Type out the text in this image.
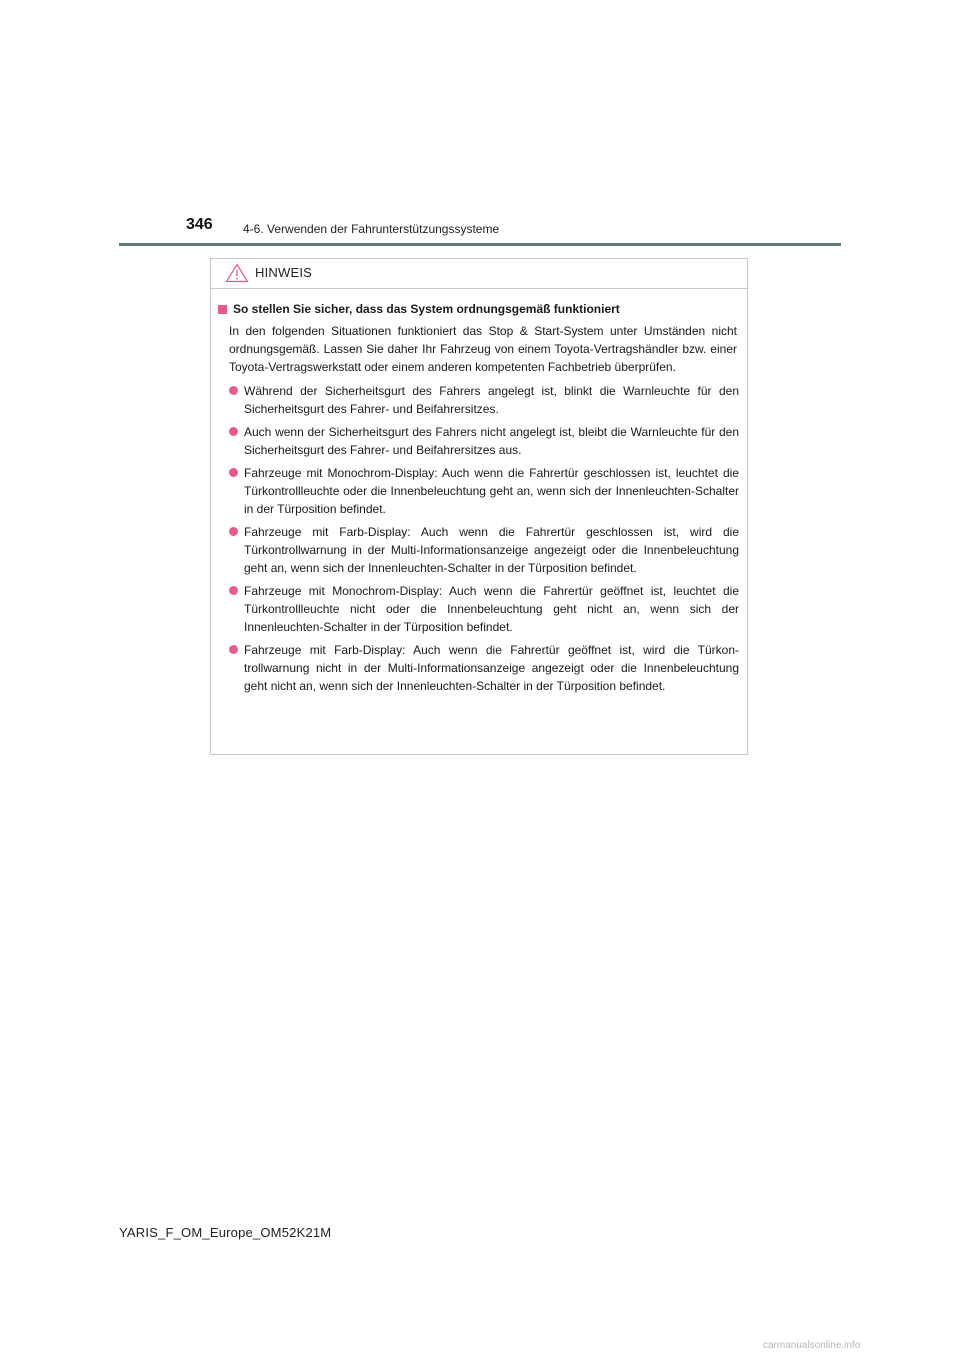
346	4-6. Verwenden der Fahrunterstützungssysteme
HINWEIS
So stellen Sie sicher, dass das System ordnungsgemäß funktioniert

In den folgenden Situationen funktioniert das Stop & Start-System unter Umständen nicht ordnungsgemäß. Lassen Sie daher Ihr Fahrzeug von einem Toyota-Vertragshändler bzw. einer Toyota-Vertragswerkstatt oder einem anderen kompetenten Fachbetrieb überprüfen.

Während der Sicherheitsgurt des Fahrers angelegt ist, blinkt die Warnleuchte für den Sicherheitsgurt des Fahrer- und Beifahrersitzes.
Auch wenn der Sicherheitsgurt des Fahrers nicht angelegt ist, bleibt die Warnleuchte für den Sicherheitsgurt des Fahrer- und Beifahrersitzes aus.
Fahrzeuge mit Monochrom-Display: Auch wenn die Fahrertür geschlossen ist, leuchtet die Türkontrollleuchte oder die Innenbeleuchtung geht an, wenn sich der Innenleuchten-Schalter in der Türposition befindet.
Fahrzeuge mit Farb-Display: Auch wenn die Fahrertür geschlossen ist, wird die Türkontrollwarnung in der Multi-Informationsanzeige angezeigt oder die Innenbeleuchtung geht an, wenn sich der Innenleuchten-Schalter in der Türposition befindet.
Fahrzeuge mit Monochrom-Display: Auch wenn die Fahrertür geöffnet ist, leuchtet die Türkontrollleuchte nicht oder die Innenbeleuchtung geht nicht an, wenn sich der Innenleuchten-Schalter in der Türposition befindet.
Fahrzeuge mit Farb-Display: Auch wenn die Fahrertür geöffnet ist, wird die Türkontrollwarnung nicht in der Multi-Informationsanzeige angezeigt oder die Innenbeleuchtung geht nicht an, wenn sich der Innenleuchten-Schalter in der Türposition befindet.
YARIS_F_OM_Europe_OM52K21M
carmanualsonline.info
